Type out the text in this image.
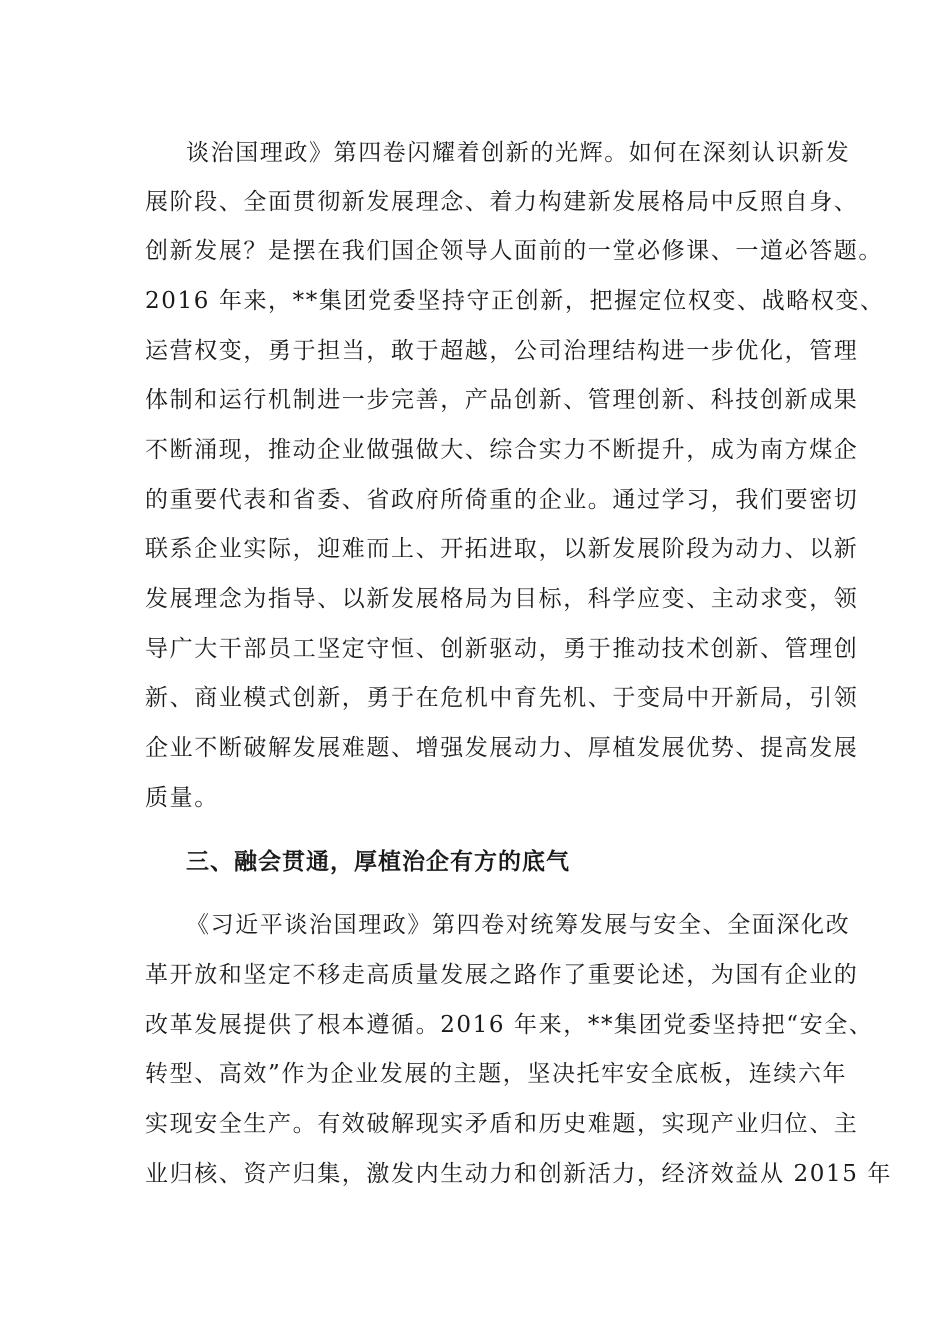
谈治国理政》第四卷闪耀着创新的光辉。如何在深刻认识新发
展阶段、全面贯彻新发展理念、着力构建新发展格局中反照自身、
创新发展？是摆在我们国企领导人面前的一堂必修课、一道必答题。
2016 年来，**集团党委坚持守正创新，把握定位权变、战略权变、
运营权变，勇于担当，敢于超越，公司治理结构进一步优化，管理
体制和运行机制进一步完善，产品创新、管理创新、科技创新成果
不断涌现，推动企业做强做大、综合实力不断提升，成为南方煤企
的重要代表和省委、省政府所倚重的企业。通过学习，我们要密切
联系企业实际，迎难而上、开拓进取，以新发展阶段为动力、以新
发展理念为指导、以新发展格局为目标，科学应变、主动求变，领
导广大干部员工坚定守恒、创新驱动，勇于推动技术创新、管理创
新、商业模式创新，勇于在危机中育先机、于变局中开新局，引领
企业不断破解发展难题、增强发展动力、厚植发展优势、提高发展
质量。
三、融会贯通，厚植治企有方的底气
《习近平谈治国理政》第四卷对统筹发展与安全、全面深化改
革开放和坚定不移走高质量发展之路作了重要论述，为国有企业的
改革发展提供了根本遵循。2016 年来，**集团党委坚持把“安全、
转型、高效”作为企业发展的主题，坚决托牢安全底板，连续六年
实现安全生产。有效破解现实矛盾和历史难题，实现产业归位、主
业归核、资产归集，激发内生动力和创新活力，经济效益从 2015 年
